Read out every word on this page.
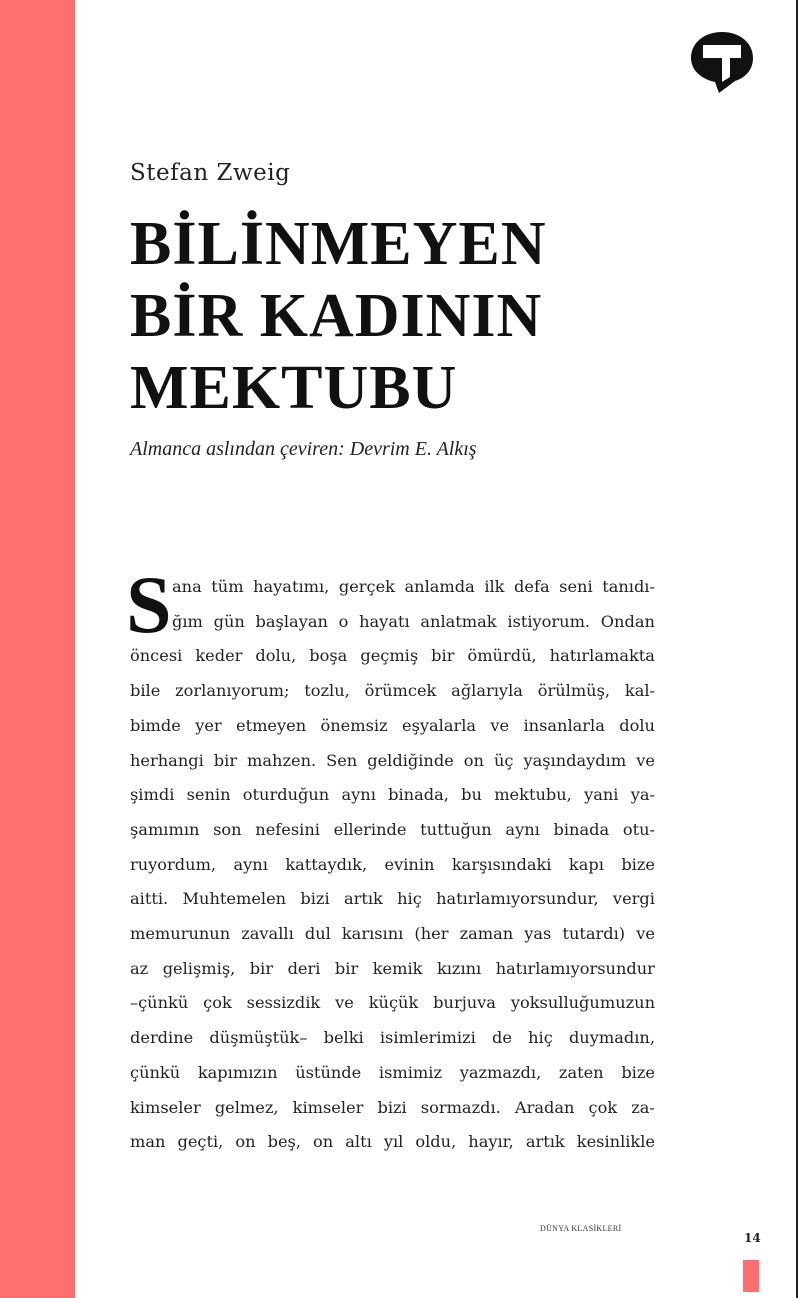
Stefan Zweig
BİLİNMEYEN
BİR KADININ
MEKTUBU
Almanca aslından çeviren: Devrim E. Alkış
S ana tüm hayatımı, gerçek anlamda ilk defa seni tanıdı-
ğım gün başlayan o hayatı anlatmak istiyorum. Ondan
öncesi keder dolu, boşa geçmiş bir ömürdü, hatırlamakta
bile zorlanıyorum; tozlu, örümcek ağlarıyla örülmüş, kal-
bimde yer etmeyen önemsiz eşyalarla ve insanlarla dolu
herhangi bir mahzen. Sen geldiğinde on üç yaşındaydım ve
şimdi senin oturduğun aynı binada, bu mektubu, yani ya-
şamımın son nefesini ellerinde tuttuğun aynı binada otu-
ruyordum, aynı kattaydık, evinin karşısındaki kapı bize
aitti. Muhtemelen bizi artık hiç hatırlamıyorsundur, vergi
memurunun zavallı dul karısını (her zaman yas tutardı) ve
az gelişmiş, bir deri bir kemik kızını hatırlamıyorsundur
–çünkü çok sessizdik ve küçük burjuva yoksulluğumuzun
derdine düşmüştük– belki isimlerimizi de hiç duymadın,
çünkü kapımızın üstünde ismimiz yazmazdı, zaten bize
kimseler gelmez, kimseler bizi sormazdı. Aradan çok za-
man geçti, on beş, on altı yıl oldu, hayır, artık kesinlikle
DÜNYA KLASİKLERİ
14
